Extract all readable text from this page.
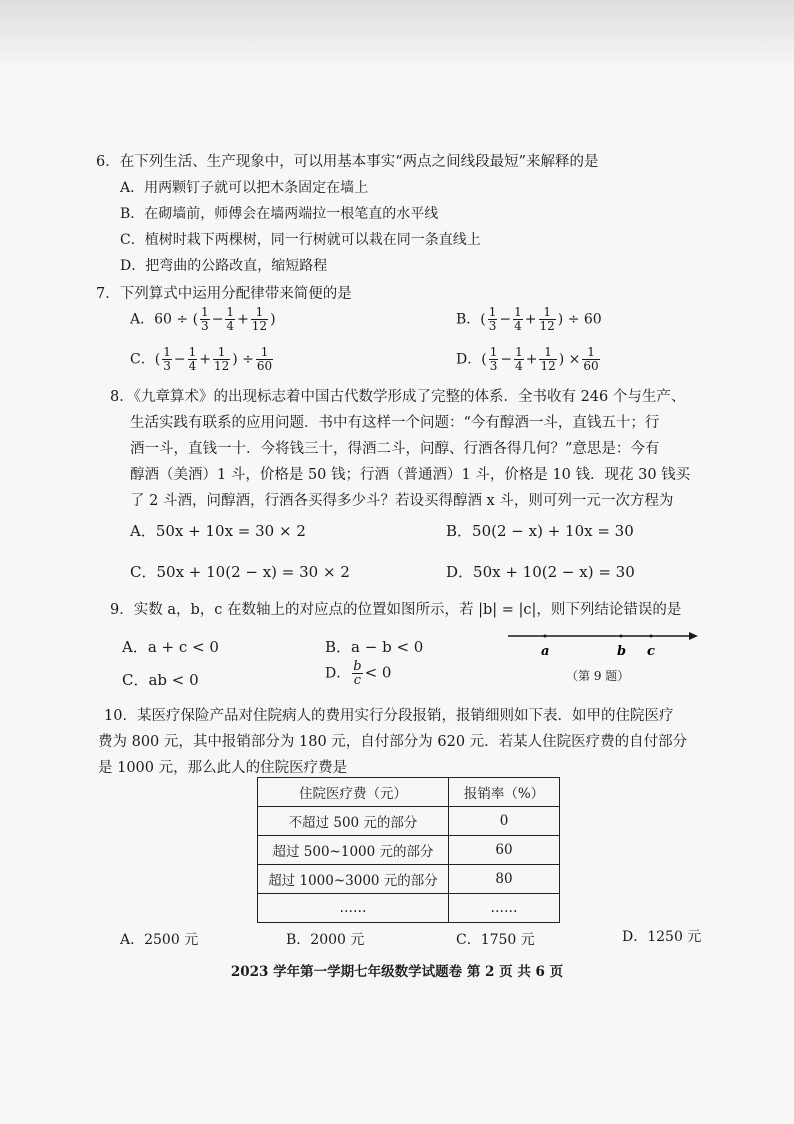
6．在下列生活、生产现象中，可以用基本事实“两点之间线段最短”来解释的是
A．用两颗钉子就可以把木条固定在墙上
B．在砌墙前，师傅会在墙两端拉一根笔直的水平线
C．植树时栽下两棵树，同一行树就可以栽在同一条直线上
D．把弯曲的公路改直，缩短路程
7．下列算式中运用分配律带来简便的是
A．60 ÷ ( $\frac{1}{3} - \frac{1}{4} + \frac{1}{12}$ )	B．( $\frac{1}{3} - \frac{1}{4} + \frac{1}{12}$ ) ÷ 60
C．( $\frac{1}{3} - \frac{1}{4} + \frac{1}{12}$ ) ÷ $\frac{1}{60}$	D．( $\frac{1}{3} - \frac{1}{4} + \frac{1}{12}$ ) × $\frac{1}{60}$
8．《九章算术》的出现标志着中国古代数学形成了完整的体系．全书收有 246 个与生产、
生活实践有联系的应用问题．书中有这样一个问题：“今有醇酒一斗，直钱五十；行
酒一斗，直钱一十．今将钱三十，得酒二斗，问醇、行酒各得几何？”意思是：今有
醇酒（美酒）1 斗，价格是 50 钱；行酒（普通酒）1 斗，价格是 10 钱．现花 30 钱买
了 2 斗酒，问醇酒，行酒各买得多少斗？若设买得醇酒 x 斗，则可列一元一次方程为
A．50x + 10x = 30 × 2	B．50(2 − x) + 10x = 30
C．50x + 10(2 − x) = 30 × 2	D．50x + 10(2 − x) = 30
9．实数 a，b，c 在数轴上的对应点的位置如图所示，若 |b| = |c|，则下列结论错误的是
A．a + c < 0	B．a − b < 0
C．ab < 0	D． $\frac{b}{c} < 0$
a	b c
（第 9 题）
10．某医疗保险产品对住院病人的费用实行分段报销，报销细则如下表．如甲的住院医疗
费为 800 元，其中报销部分为 180 元，自付部分为 620 元．若某人住院医疗费的自付部分
是 1000 元，那么此人的住院医疗费是
住院医疗费（元）	报销率（%）
不超过 500 元的部分	0
超过 500~1000 元的部分	60
超过 1000~3000 元的部分	80
……	……
A．2500 元	B．2000 元	C．1750 元	D．1250 元
2023 学年第一学期七年级数学试题卷 第 2 页 共 6 页
